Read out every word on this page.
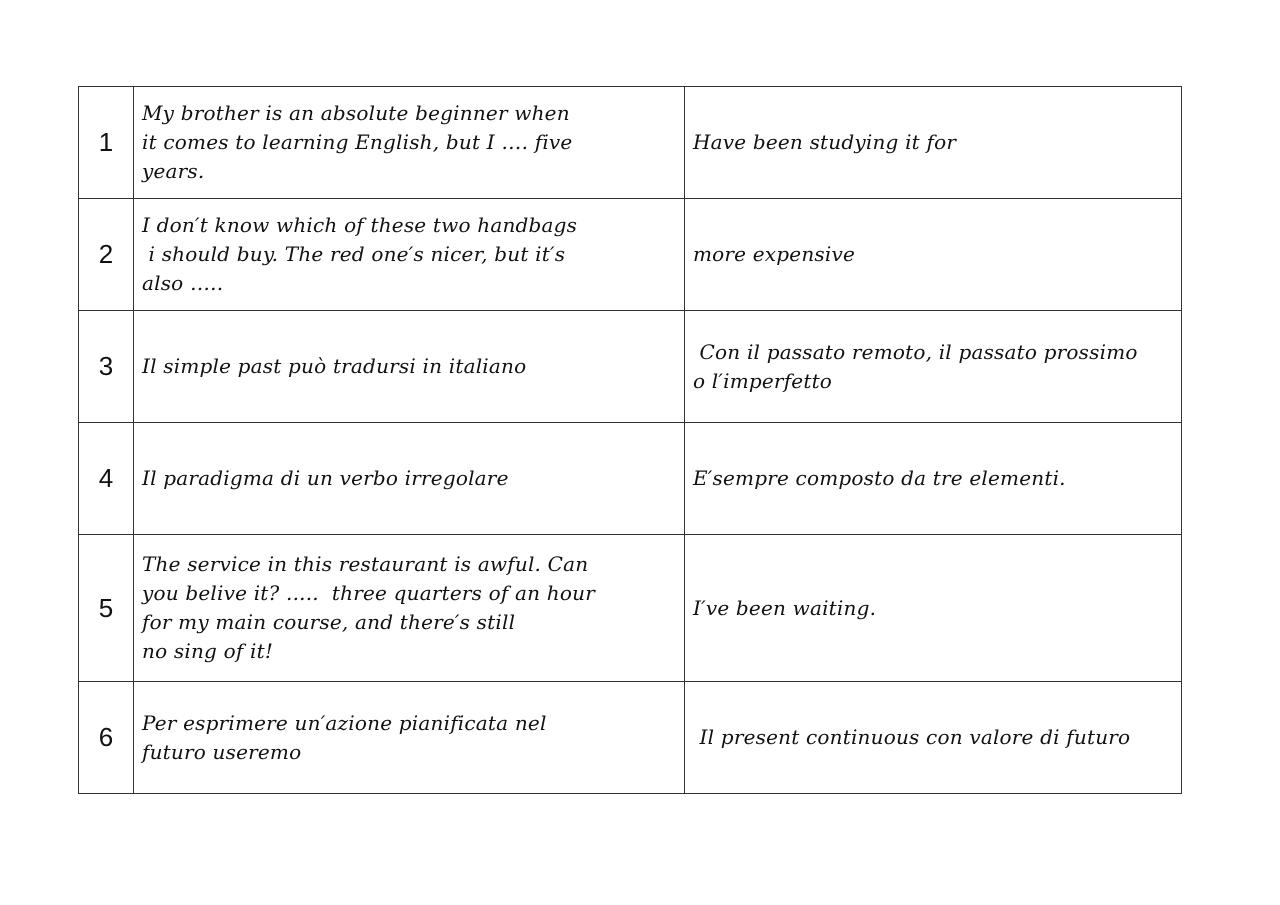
1	My brother is an absolute beginner when
it comes to learning English, but I …. five
years.	Have been studying it for

2	I don′t know which of these two handbags
i should buy. The red one′s nicer, but it′s
also …..	more expensive

3	Il simple past può tradursi in italiano	Con il passato remoto, il passato prossimo
o l′imperfetto

4	Il paradigma di un verbo irregolare	E′sempre composto da tre elementi.

5	The service in this restaurant is awful. Can
you belive it? .....  three quarters of an hour
for my main course, and there′s still
no sing of it!	I′ve been waiting.

6	Per esprimere un′azione pianificata nel
futuro useremo	Il present continuous con valore di futuro
